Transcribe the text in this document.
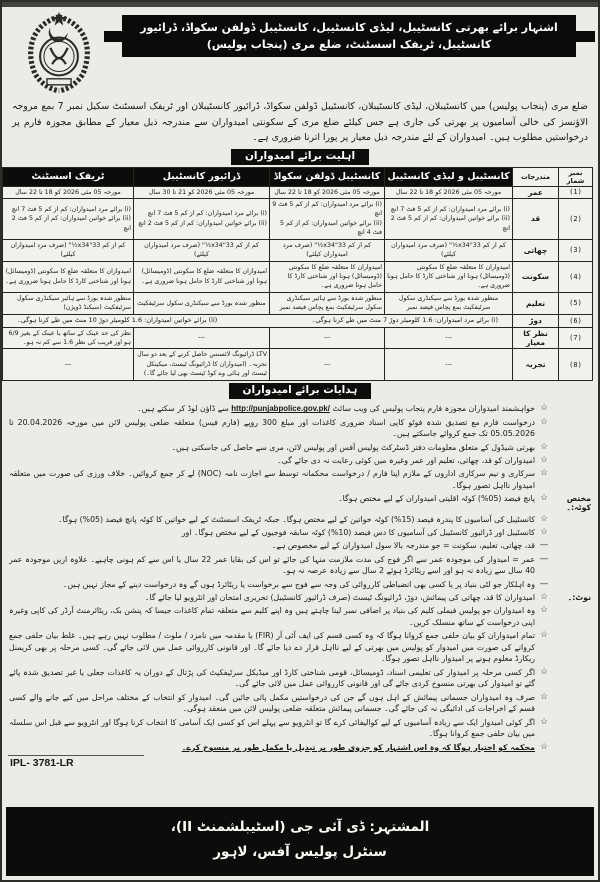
اشتہار برائے بھرتی کانسٹیبل، لیڈی کانسٹیبل، کانسٹیبل ڈولفن سکواڈ، ڈرائیور کانسٹیبل، ٹریفک اسسٹنٹ، ضلع مری (پنجاب پولیس)

ضلع مری (پنجاب پولیس) میں کانسٹیبلان، لیڈی کانسٹیبلان، کانسٹیبل ڈولفن سکواڈ، ڈرائیور کانسٹیبلان اور ٹریفک اسسٹنٹ سکیل نمبر 7 بمع مروجہ الاؤنسز کی خالی آسامیوں پر بھرتی کی جاری ہے جس کیلئے ضلع مری کے سکونتی امیدواران سے مندرجہ ذیل معیار کے مطابق مجوزہ فارم پر درخواستیں مطلوب ہیں۔ امیدواران کے لئے مندرجہ ذیل معیار پر پورا اترنا ضروری ہے۔

اہلیت برائے امیدواران
نمبر شمار	مندرجات	کانسٹیبل و لیڈی کانسٹیبل	کانسٹیبل ڈولفن سکواڈ	ڈرائیور کانسٹیبل	ٹریفک اسسٹنٹ
(1)	عمر	مورخہ 05 مئی 2026 کو 18 تا 22 سال	مورخہ 05 مئی 2026 کو 18 تا 22 سال	مورخہ 05 مئی 2026 کو 21 تا 30 سال	مورخہ 05 مئی 2026 کو 18 تا 22 سال
(2)	قد	(i) برائے مرد امیدواران: کم از کم 5 فٹ 7 انچ
(ii) برائے خواتین امیدواران: کم از کم 5 فٹ 2 انچ	(i) برائے مرد امیدواران: کم از کم 5 فٹ 9 انچ
(ii) برائے خواتین امیدواران: کم از کم 5 فٹ 4 انچ	(i) برائے مرد امیدواران: کم از کم 5 فٹ 7 انچ
(ii) برائے خواتین امیدواران: کم از کم 5 فٹ 2 انچ	(i) برائے مرد امیدواران: کم از کم 5 فٹ 7 انچ
(ii) برائے خواتین امیدواران: کم از کم 5 فٹ 2 انچ
(3)	چھاتی	کم از کم 33"x34½" (صرف مرد امیدواران کیلئے)	کم از کم 33"x34½" (صرف مرد امیدواران کیلئے)	کم از کم 33"x34½" (صرف مرد امیدواران کیلئے)	کم از کم 33"x34½" (صرف مرد امیدواران کیلئے)
(4)	سکونت	امیدواران کا متعلقہ ضلع کا سکونتی (ڈومیسائل) ہونا اور شناختی کارڈ کا حامل ہونا ضروری ہے۔	امیدواران کا متعلقہ ضلع کا سکونتی (ڈومیسائل) ہونا اور شناختی کارڈ کا حامل ہونا ضروری ہے۔	امیدواران کا متعلقہ ضلع کا سکونتی (ڈومیسائل) ہونا اور شناختی کارڈ کا حامل ہونا ضروری ہے۔	امیدواران کا متعلقہ ضلع کا سکونتی (ڈومیسائل) ہونا اور شناختی کارڈ کا حامل ہونا ضروری ہے۔
(5)	تعلیم	منظور شدہ بورڈ سے سیکنڈری سکول سرٹیفکیٹ بمع پچاس فیصد نمبر	منظور شدہ بورڈ سے ہائیر سیکنڈری سکول سرٹیفکیٹ بمع پچاس فیصد نمبر	منظور شدہ بورڈ سے سیکنڈری سکول سرٹیفکیٹ	منظور شدہ بورڈ سے ہائیر سیکنڈری سکول سرٹیفکیٹ (سیکنڈ ڈویژن)
(6)	دوڑ	(i) برائے مرد امیدواران: 1.6 کلومیٹر دوڑ 7 منٹ میں طے کرنا ہوگی۔
(ii) برائے خواتین امیدواران: 1.6 کلومیٹر دوڑ 10 منٹ میں طے کرنا ہوگی۔			

(7)	نظر کا معیار	---	---	---	نظر کی حد عینک کے ساتھ یا عینک کے بغیر 6/9 ہو اور قریب کی نظر 1.6 سے کم نہ ہو۔
(8)	تجربہ	---	---	LTV ڈرائیونگ لائسنس حاصل کرنے کے بعد دو سال تجربہ۔ (امیدواران کا ڈرائیونگ ٹیسٹ، میکینکل ٹیسٹ اور ہائی وے کوڈ ٹیسٹ بھی لیا جائے گا۔)	---
ہدایات برائے امیدواران
☆
خواہشمند امیدواران مجوزہ فارم پنجاب پولیس کی ویب سائٹ http://punjabpolice.gov.pk/ سے ڈاؤن لوڈ کر سکتے ہیں۔
☆
درخواست فارم مع تصدیق شدہ فوٹو کاپی اسناد ضروری کاغذات اور مبلغ 300 روپے (فارم فیس) متعلقہ ضلعی پولیس لائن میں مورخہ 20.04.2026 تا 05.05.2026 تک جمع کروائے جاسکتے ہیں۔
☆
بھرتی شیڈول کے متعلق معلومات دفتر ڈسٹرکٹ پولیس آفس اور پولیس لائن، مری سے حاصل کی جاسکتی ہیں۔
☆
امیدواران کو قد، چھاتی، تعلیم اور عمر وغیرہ میں کوئی رعایت نہ دی جائے گی۔
☆
سرکاری و نیم سرکاری اداروں کے ملازم اپنا فارم / درخواست محکمانہ توسط سے اجازت نامہ (NOC) لے کر جمع کروائیں۔ خلاف ورزی کی صورت میں متعلقہ امیدوار نااہل تصور ہوگا۔
مختص کوٹہ:۔
☆
پانچ فیصد (05%) کوٹہ اقلیتی امیدواران کے لیے مختص ہوگا۔
☆
کانسٹیبل کی آسامیوں کا پندرہ فیصد (15%) کوٹہ خواتین کے لیے مختص ہوگا۔ جبکہ ٹریفک اسسٹنٹ کے لیے خواتین کا کوٹہ پانچ فیصد (05%) ہوگا۔
☆
کانسٹیبل اور ڈرائیور کانسٹیبل کی آسامیوں کا دس فیصد (10%) کوٹہ سابقہ فوجیوں کے لیے مختص ہوگا۔ اور
—
قد، چھاتی، تعلیم، سکونت = جو مندرجہ بالا سول امیدواران کے لیے مخصوص ہے۔
—
عمر = امیدوار کی موجودہ عمر سے اگر فوج کی مدت ملازمت منہا کی جائے تو اس کی بقایا عمر 22 سال یا اس سے کم ہونی چاہیے۔ علاوہ ازیں موجودہ عمر 40 سال سے زیادہ نہ ہو اور اسے ریٹائرڈ ہوئے 2 سال سے زیادہ عرصہ نہ ہو۔
—
وہ اہلکار جو لٹی بنیاد پر یا کسی بھی انضباطی کارروائی کی وجہ سے فوج سے برخواست یا ریٹائرڈ ہوں گے وہ درخواست دینے کے مجاز نہیں ہیں۔
نوٹ:۔
☆
امیدواران کا قد، چھاتی کی پیمائش، دوڑ، ڈرائیونگ ٹیسٹ (صرف ڈرائیور کانسٹیبل) تحریری امتحان اور انٹرویو لیا جائے گا۔
☆
وہ امیدواران جو پولیس فیملی کلیم کی بنیاد پر اضافی نمبر لینا چاہتے ہیں وہ اپنے کلیم سے متعلقہ تمام کاغذات جیسا کہ پنشن بک، ریٹائرمنٹ آرڈر کی کاپی وغیرہ اپنی درخواست کے ساتھ منسلک کریں۔
☆
تمام امیدواران کو بیان حلفی جمع کروانا ہوگا کہ وہ کسی قسم کی ایف آئی آر (FIR) یا مقدمہ میں نامزد / ملوث / مطلوب نہیں رہے ہیں۔ غلط بیان حلفی جمع کروانے کی صورت میں امیدوار کو پولیس میں بھرتی کے لیے نااہل قرار دے دیا جائے گا۔ اور قانونی کارروائی عمل میں لائی جائے گی۔ کسی مرحلہ پر بھی کریمنل ریکارڈ معلوم ہونے پر امیدوار نااہل تصور ہوگا۔
☆
اگر کسی مرحلہ پر امیدوار کی تعلیمی اسناد، ڈومیسائل، قومی شناختی کارڈ اور میڈیکل سرٹیفکیٹ کی پڑتال کے دوران یہ کاغذات جعلی یا غیر تصدیق شدہ پائے گئے تو امیدوار کی بھرتی منسوخ کردی جائے گی اور قانونی کارروائی عمل میں لائی جائے گی۔
☆
صرف وہ امیدواران جسمانی پیمائش کے اہل ہوں گے جن کی درخواستیں مکمل پائی جائیں گی۔ امیدوار کو انتخاب کے مختلف مراحل میں کیے جانے والے کسی قسم کے اخراجات کی ادائیگی نہ کی جائے گی۔ جسمانی پیمائش متعلقہ ضلعی پولیس لائن میں منعقد ہوگی۔
☆
اگر کوئی امیدوار ایک سے زیادہ آسامیوں کے لیے کوالیفائی کرے گا تو انٹرویو سے پہلے اس کو کسی ایک آسامی کا انتخاب کرنا ہوگا اور انٹرویو سے قبل اس سلسلہ میں بیان حلفی جمع کروانا ہوگا۔
☆
محکمہ کو اختیار ہوگا کہ وہ اس اشتہار کو جزوی طور پر تبدیل یا مکمل طور پر منسوخ کرے۔
IPL- 3781-LR
المشتہر: ڈی آئی جی (اسٹیبلشمنٹ II)،
سنٹرل پولیس آفس، لاہور
